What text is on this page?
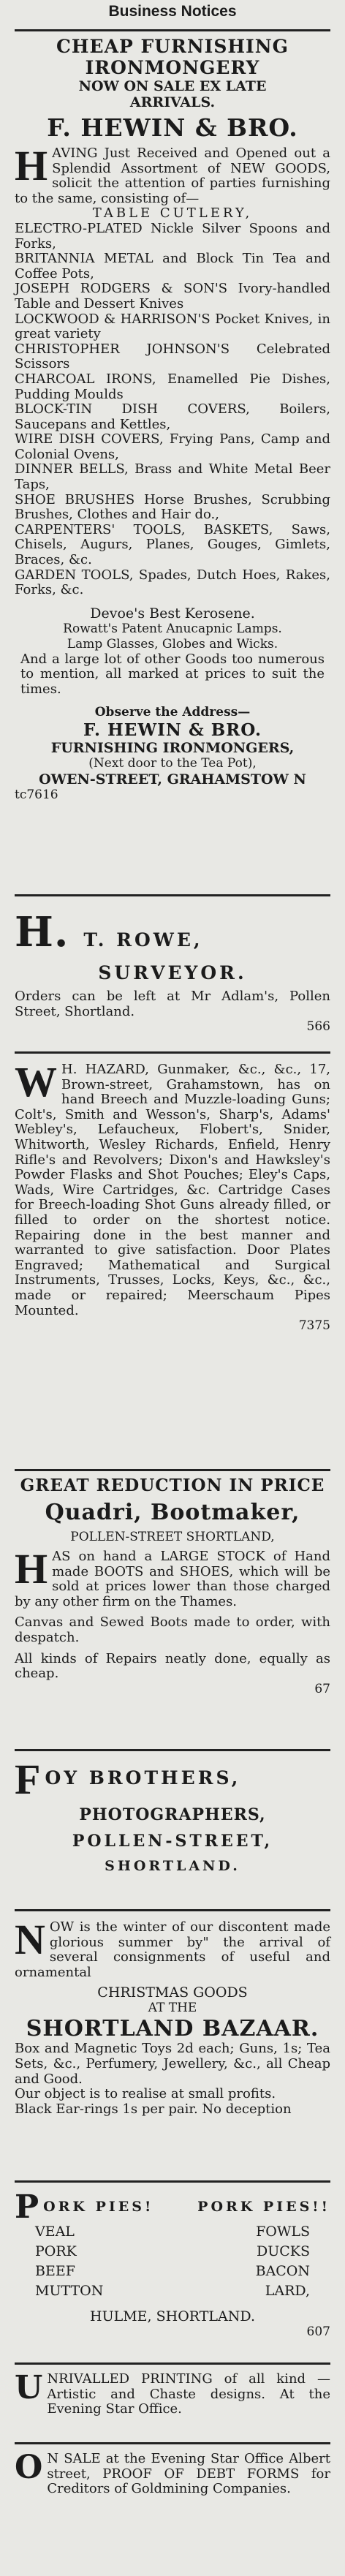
Business Notices
CHEAP FURNISHING
IRONMONGERY
NOW ON SALE EX LATE
ARRIVALS.
F. HEWIN & BRO.
H AVING Just Received and Opened out a Splendid Assortment of NEW GOODS, solicit the attention of parties furnishing to the same, consisting of—
TABLE CUTLERY,
ELECTRO-PLATED Nickle Silver Spoons and Forks,
BRITANNIA METAL and Block Tin Tea and Coffee Pots,
JOSEPH RODGERS & SON'S Ivory-handled Table and Dessert Knives
LOCKWOOD & HARRISON'S Pocket Knives, in great variety
CHRISTOPHER JOHNSON'S Celebrated Scissors
CHARCOAL IRONS, Enamelled Pie Dishes, Pudding Moulds
BLOCK-TIN DISH COVERS, Boilers, Saucepans and Kettles,
WIRE DISH COVERS, Frying Pans, Camp and Colonial Ovens,
DINNER BELLS, Brass and White Metal Beer Taps,
SHOE BRUSHES Horse Brushes, Scrubbing Brushes, Clothes and Hair do.,
CARPENTERS' TOOLS, BASKETS, Saws, Chisels, Augurs, Planes, Gouges, Gimlets, Braces, &c.
GARDEN TOOLS, Spades, Dutch Hoes, Rakes, Forks, &c.
Devoe's Best Kerosene.
Rowatt's Patent Anucapnic Lamps.
Lamp Glasses, Globes and Wicks.
And a large lot of other Goods too numerous to mention, all marked at prices to suit the times.
Observe the Address—
F. HEWIN & BRO.
FURNISHING IRONMONGERS,
(Next door to the Tea Pot),
OWEN-STREET, GRAHAMSTOW N
tc7616
H. T. ROWE,
SURVEYOR.
Orders can be left at Mr Adlam's, Pollen Street, Shortland.
566
W H. HAZARD, Gunmaker, &c., &c., 17, Brown-street, Grahamstown, has on hand Breech and Muzzle-loading Guns; Colt's, Smith and Wesson's, Sharp's, Adams' Webley's, Lefaucheux, Flobert's, Snider, Whitworth, Wesley Richards, Enfield, Henry Rifle's and Revolvers; Dixon's and Hawksley's Powder Flasks and Shot Pouches; Eley's Caps, Wads, Wire Cartridges, &c. Cartridge Cases for Breech-loading Shot Guns already filled, or filled to order on the shortest notice. Repairing done in the best manner and warranted to give satisfaction. Door Plates Engraved; Mathematical and Surgical Instruments, Trusses, Locks, Keys, &c., &c., made or repaired; Meerschaum Pipes Mounted.
7375
GREAT REDUCTION IN PRICE
Quadri, Bootmaker,
POLLEN-STREET SHORTLAND,
H AS on hand a LARGE STOCK of Hand made BOOTS and SHOES, which will be sold at prices lower than those charged by any other firm on the Thames.
Canvas and Sewed Boots made to order, with despatch.
All kinds of Repairs neatly done, equally as cheap.
67
F OY BROTHERS,
PHOTOGRAPHERS,
POLLEN-STREET,
SHORTLAND.
N OW is the winter of our discontent made glorious summer by" the arrival of several consignments of useful and ornamental
CHRISTMAS GOODS
AT THE
SHORTLAND BAZAAR.
Box and Magnetic Toys 2d each; Guns, 1s; Tea Sets, &c., Perfumery, Jewellery, &c., all Cheap and Good.
Our object is to realise at small profits.
Black Ear-rings 1s per pair. No deception
P ORK PIES!	PORK PIES!!
VEAL	FOWLS
PORK	DUCKS
BEEF	BACON
MUTTON	LARD,
HULME, SHORTLAND.
607
U NRIVALLED PRINTING of all kind —Artistic and Chaste designs. At the Evening Star Office.
O N SALE at the Evening Star Office Albert street, PROOF OF DEBT FORMS for Creditors of Goldmining Companies.
